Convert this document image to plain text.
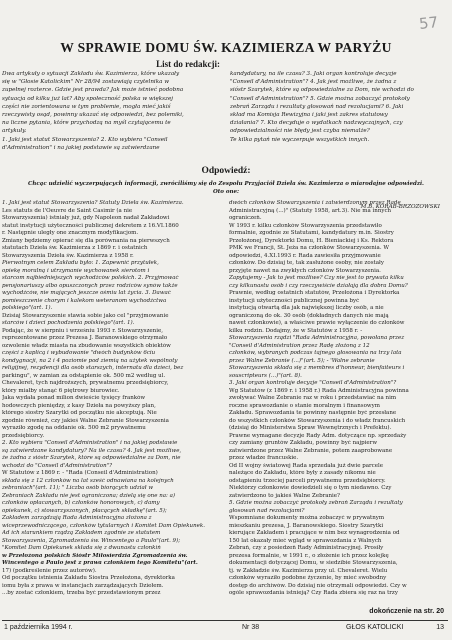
57
W SPRAWIE DOMU ŚW. KAZIMIERZA W PARYŻU
List do redakcji:
Dwa artykuły o sytuacji Zakładu św. Kazimierza, które ukazały
się w "Głosie Katolickim" Nr 28/94 zostawiają czytelnika w
zupełnej rozterce. Gdzie jest prawda? Jak może istnieć podobna
sytuacja od kilku już lat? Aby społeczność polska w większej
części nie zorientowana w tym problemie, mogła mieć jakiś
rzeczywisty osąd, powinny ukazać się odpowiedzi, bez polemiki,
na liczne pytania, które przychodzą na myśl czytającemu te
artykuły.
1. Jaki jest statut Stowarzyszenia? 2. Kto wybiera "Conseil
d'Administration" i na jakiej podstawie są zatwierdzane
kandydatury, na ile czasu? 3. Jaki organ kontroluje decyzje
"Conseil d'Administration"? 4. Jak jest możliwe, że żadna z
sióstr Szarytek, które są odpowiedzialne za Dom, nie wchodzi do
"Conseil d'Administration"? 5. Gdzie można zobaczyć protokoły
zebrań Zarządu i rezultaty głosowań nad rezolucjami? 6. Jaki
skład ma Komisja Rewizyjna i jaki jest zakres statutowy
działania? 7. Kto decyduje o wydatkach nadzwyczajnych, czy
odpowiedzialności nie błędy jest czyba niemalże?
Te kilka pytań nie wyczerpuje wszystkich innych.
M.B. KORAB-BRZOZOWSKI
Odpowiedź:
Chcąc udzielić wyczerpujących informacji, zwróciliśmy się do Zespołu Przyjaciół Dzieła św. Kazimierza o miarodajne odpowiedzi.
Oto one:
1. Jaki jest statut Stowarzyszenia? Statuty Dzieła św. Kazimierza.
Les statuts de l'Oeuvre de Saint Casimir (a nie
Stowarzyszenia) istniały już, gdy Napoleon nadał Zakładowi
statut instytucji użyteczności publicznej dekretem z 16.VI.1860
r. Następnie uległy one znacznym modyfikacjom.
Zmiany będziemy opierać się dla porównania na pierwszych
statutach Dzieła św. Kazimierza z 1869 r. i ostatnich
Stowarzyszenia Dzieła św. Kazimierza z 1958 r.
Pierwotnym celem Zakładu było: 1. Zapewnić przytułek,
opiekę moralną i utrzymanie wychowanek sierotom i
starcom najbiedniejszych wychodźców polskich. 2. Przyjmować
pensjonariuszy albo opuszczonych przez rodziców synów także
wychodźców, nie mających jeszcze ośmiu lat życia. 3. Dawać
pomieszczenie chorym i kalekom weteranom wychodźctwa
polskiego"(art. 1).
Dzisiaj Stowarzyszenie stawia sobie jako cel "przyjmowanie
starców i dzieci pochodzenia polskiego"(art. 1).
Podając, że w sierpniu i wrześniu 1993 r. Stowarzyszenie,
reprezentowane przez Prezesa J. Baranowskiego otrzymało
ozwolenie władz miasta na zbudowanie wszystkich obiektów
części z kaplicą i wybudowanie "dwóch budynków 6ciu
kondygnacji, na 2 i 4 poziomie pod ziemią na użytek wspólnoty
religijnej, rezydencji dla osób starszych, internatu dla dzieci, bez
parkingu", w zamian za odstąpienie ok. 500 m2 według ul.
Chevaleret, tych najdroższych, prywatnemu przedsiębiorcy,
który miałby stanąć 6 piętrowy biurowiec.
Jaka wydała ponad milion dwieście tysięcy franków
hodowczych pieniędzy, z kasy Dzieła na powyższy plan,
którego siostry Szarytki od początku nie akceptują. Nie
zgodnie również, czy jakieś Walne Zebranie Stowarzyszenia
wyraziło zgodę na oddanie ok. 500 m2 prywatnemu
przedsiębiorcy.
2. Kto wybiera "Conseil d'Administration" i na jakiej podstawie
są zatwierdzane kandydatury? Na ile czasu? 4. Jak jest możliwe,
że żadna z sióstr Szarytek, które są odpowiedzialne za Dom, nie
wchodzi do "Conseil d'Administration"?
W Statutów z 1869 r. - "Rada (Conseil d'Administration)
składa się z 12 członków na lat sześć odnawiana na kolejnych
zebraniach"(art. 11); " Liczba osób biorących udział w
Zebraniach Zakładu nie jest ograniczona; dzielą się one na: a)
członków opłacanych, b) członków honorowych, c) damy
opiekunek, c) stowarzyszonych, płacących składkę"(art. 5);
Zakładem zarządzają Rada Administracyjna złożona z
wiceprzewodniczącego, członków tytularnych i Komitet Dam Opiekunek.
Ad ich starunkiem rządzą Zakładem zgodnie ze statutem
Stowarzyszenia, Zgromadzenia św. Wincentego a Paulo"(art. 9);
"Komitet Dam Opiekunek składa się z dwunastu członkiń
w Przełożona polskich Sióstr Miłosierdzia Zgromadzenia św.
Wincentego a Paulo jest z prawa członkiem tego Komitetu"(art.
17) (podkreślenie przez autorów).
Od początku istnienia Zakładu Siostra Przełożona, dyrektorka
iomu była z prawa w instancjach zarządzających Dziełem.
...by zostać członkiem, trzeba być przedstawionym przez
dwóch członków Stowarzyszenia i zatwierdzonym przez Radę
Administracyjną (...)" (Statuty 1958, art.3). Nie ma innych
ograniczeń.
W 1993 r. kilku członków Stowarzyszenia przedstawiło
formalnie, zgodnie ze Statutami, kandydatury m.in. Siostry
Przełożonej, Dyrektorki Domu, H. Bieniackiej i Ks. Rektora
PMK we Francji, St. Jeża na członków Stowarzyszenia. W
odpowiedzi, 4.XI.1993 r. Rada zawiesiła przyjmowanie
członków. Do dzisiaj te, tak zasłużone osoby, nie zostały
przyjęte nawet na zwykłych członków Stowarzyszenia.
Zapytujemy - Jak to jest możliwe? Czy nie jest to prywata kilku
czy kilkunastu osób i czy rzeczywiście działają dla dobra Domu?
Prawnie, według ostatnich statutów, Przełożona i Dyrektorka
instytucji użyteczności publicznej powinna być
instytucją otwartą dla jak największej liczby osób, a nie
ograniczoną do ok. 30 osób (dokładnych danych nie mają
nawet członkowie), a właściwe prawie wyłączenie do członków
kilku rodzin. Dodajmy, że w Statutów z 1958 r. -
Stowarzyszenia rządzi "Rada Administracyjna, powołana przez
"Conseil d'Administration przez Radę złożoną z 12
członków, wybranych podczas tajnego głosowania na trzy lata
przez Walne Zebranie (...)"(art. 5); - 'Walne zebranie
Stowarzyszenia składa się z membres d'honneur, bienfaiteurs i
souscripteurs (...)"(art. 8).
3. Jaki organ kontroluje decyzje "Conseil d'Administration"?
Wg Statutów (z 1869 r. i 1958 r.) Rada Administracyjna powinna
zwoływać Walne Zebranie raz w roku i przedstawiać na nim
roczne sprawozdanie o stanie moralnym i finansowym
Zakładu. Sprawozdania te powinny następnie być przesłane
do wszystkich członków Stowarzyszenia i do władz francuskich
(dzisiaj do Ministerstwa Spraw Wewnętrznych i Prefektu).
Prawne wymagane decyzje Rady Adm. dotyczące np. sprzedaży
czy zamiany gruntów Zakładu, powinny być najpierw
zatwierdzone przez Walne Zebranie, potem zaaprobowane
przez władze francuskie.
Od II wojny światowej Rada sprzedała już dwie parcele
należące do Zakładu, które były z zasady nikomu nie
odstąpieniu trzeciej parceli prywatnemu przedsiębiorcy.
Niektórzy członkowie dowiedzieli się o tym niedawno. Czy
zatwierdzono to jakieś Walne Zebranie?
5. Gdzie można zobaczyć protokoły zebrań Zarządu i rezultaty
głosowań nad rezolucjami?
Wspomniane dokumenty można zobaczyć w prywatnym
mieszkaniu prezesa, J. Baranowskiego. Siostry Szarytki
kierujące Zakładem i pracujące w nim bez wynagrodzenia od
150 lat okazały mieć wgląd w sprawozdania z Walnych
Zebrań, czy z posiedzeń Rady Administracyjnej. Prosiły
prezesa formalnie, w 1991 r., o złożenie ich przez kolejkę
dokumentacji dotyczącej Domu, w siedzibie Stowarzyszenia,
tj. w Zakładzie św. Kazimierza przy ul. Chevaleret. Wielu
członków wyraziło podobne życzenie, by mieć swobodny
dostęp do archiwów. Do dzisiaj nie otrzymali odpowiedzi. Czy w
ogóle sprawozdania istnieją? Czy Rada zbiera się raz na trzy
dokończenie na str. 20
1 października 1994 r.	Nr 38	GŁOS KATOLICKI	13
